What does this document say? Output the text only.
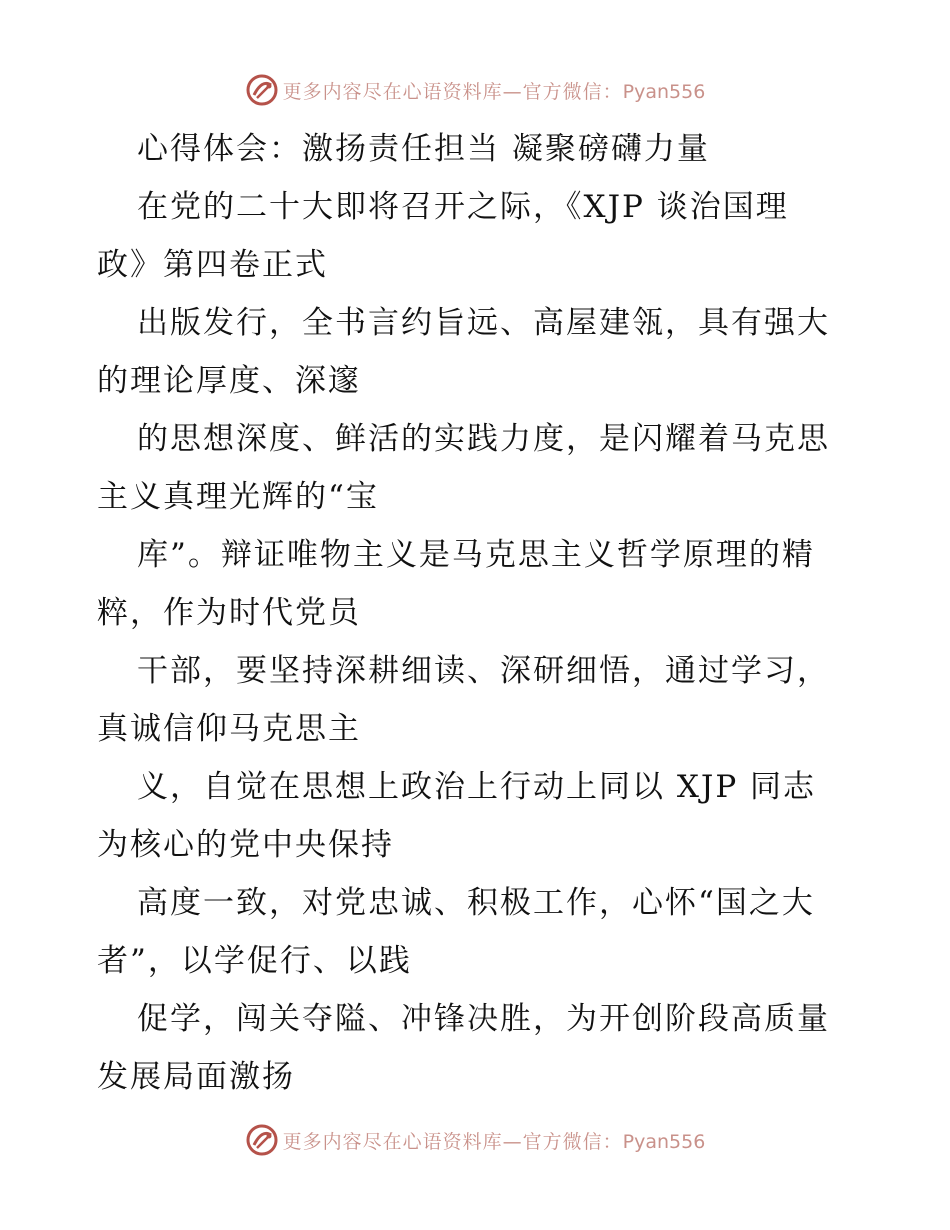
更多内容尽在心语资料库—官方微信：Pyan556
心得体会：激扬责任担当 凝聚磅礴力量
在党的二十大即将召开之际，《XJP 谈治国理
政》第四卷正式
出版发行，全书言约旨远、高屋建瓴，具有强大
的理论厚度、深邃
的思想深度、鲜活的实践力度，是闪耀着马克思
主义真理光辉的“宝
库”。辩证唯物主义是马克思主义哲学原理的精
粹，作为时代党员
干部，要坚持深耕细读、深研细悟，通过学习，
真诚信仰马克思主
义，自觉在思想上政治上行动上同以 XJP 同志
为核心的党中央保持
高度一致，对党忠诚、积极工作，心怀“国之大
者”，以学促行、以践
促学，闯关夺隘、冲锋决胜，为开创阶段高质量
发展局面激扬
更多内容尽在心语资料库—官方微信：Pyan556
